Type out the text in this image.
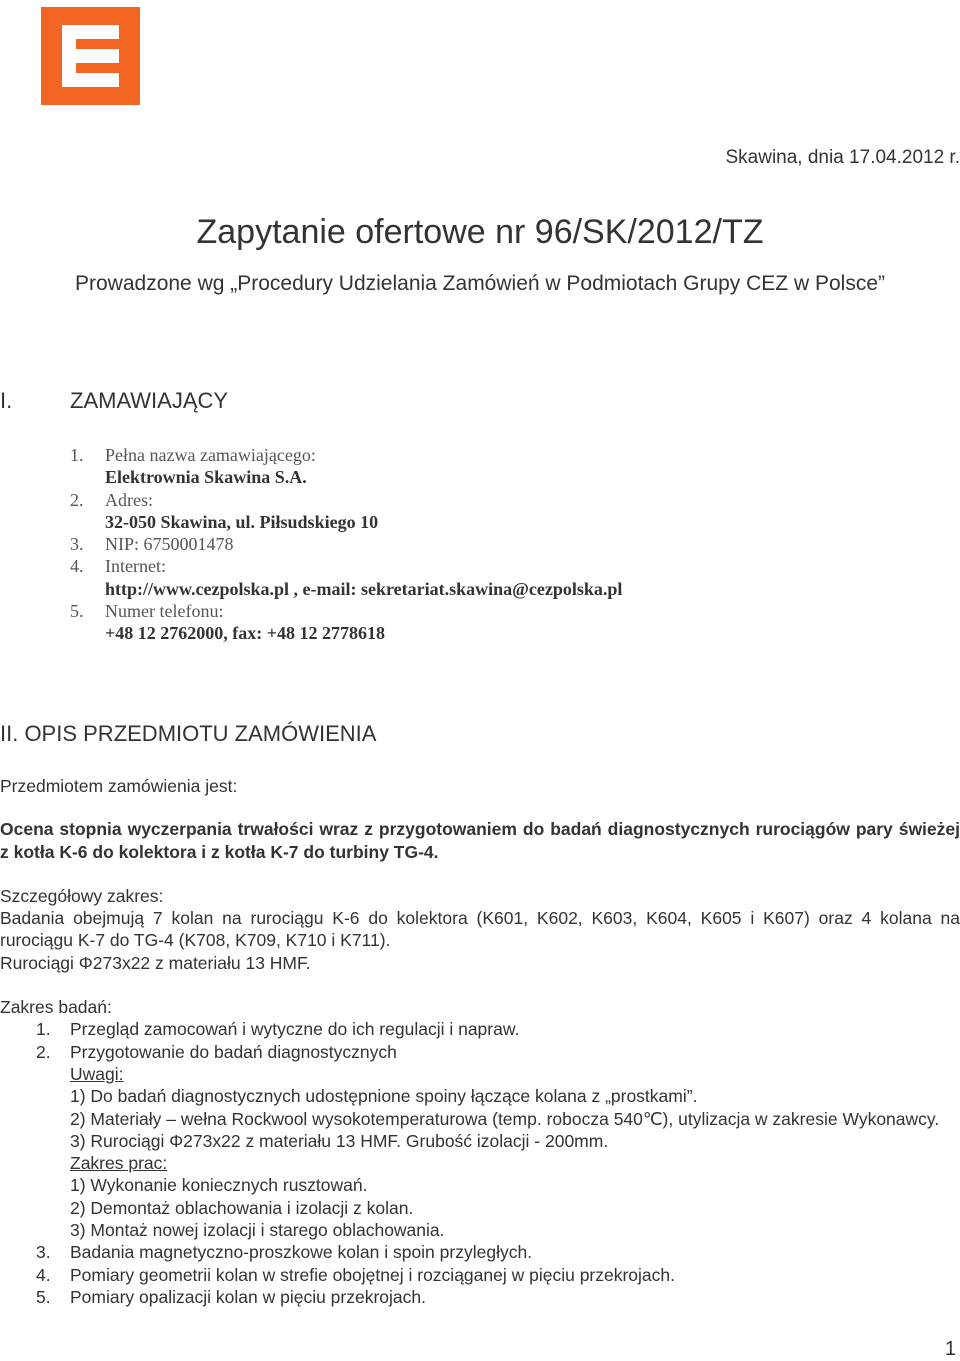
Skawina, dnia 17.04.2012 r.
Zapytanie ofertowe nr 96/SK/2012/TZ
Prowadzone wg „Procedury Udzielania Zamówień w Podmiotach Grupy CEZ w Polsce”
I.	ZAMAWIAJĄCY
1.	Pełna nazwa zamawiającego:
Elektrownia Skawina S.A.
2.	Adres:
32-050 Skawina, ul. Piłsudskiego 10
3.	NIP: 6750001478
4.	Internet:
http://www.cezpolska.pl , e-mail: sekretariat.skawina@cezpolska.pl
5.	Numer telefonu:
+48 12 2762000, fax: +48 12 2778618
II. OPIS PRZEDMIOTU ZAMÓWIENIA

Przedmiotem zamówienia jest:

Ocena stopnia wyczerpania trwałości wraz z przygotowaniem do badań diagnostycznych rurociągów pary świeżej z kotła K-6 do kolektora i z kotła K-7 do turbiny TG-4.

Szczegółowy zakres:

Badania obejmują 7 kolan na rurociągu K-6 do kolektora (K601, K602, K603, K604, K605 i K607) oraz 4 kolana na rurociągu K-7 do TG-4 (K708, K709, K710 i K711).

Rurociągi Φ273x22 z materiału 13 HMF.

Zakres badań:

1.	Przegląd zamocowań i wytyczne do ich regulacji i napraw.
2.	Przygotowanie do badań diagnostycznych
Uwagi:
1) Do badań diagnostycznych udostępnione spoiny łączące kolana z „prostkami”.
2) Materiały – wełna Rockwool wysokotemperaturowa (temp. robocza 540℃), utylizacja w zakresie Wykonawcy.
3) Rurociągi Φ273x22 z materiału 13 HMF. Grubość izolacji - 200mm.
Zakres prac:
1) Wykonanie koniecznych rusztowań.
2) Demontaż oblachowania i izolacji z kolan.
3) Montaż nowej izolacji i starego oblachowania.
3.	Badania magnetyczno-proszkowe kolan i spoin przyległych.
4.	Pomiary geometrii kolan w strefie obojętnej i rozciąganej w pięciu przekrojach.
5.	Pomiary opalizacji kolan w pięciu przekrojach.
1
